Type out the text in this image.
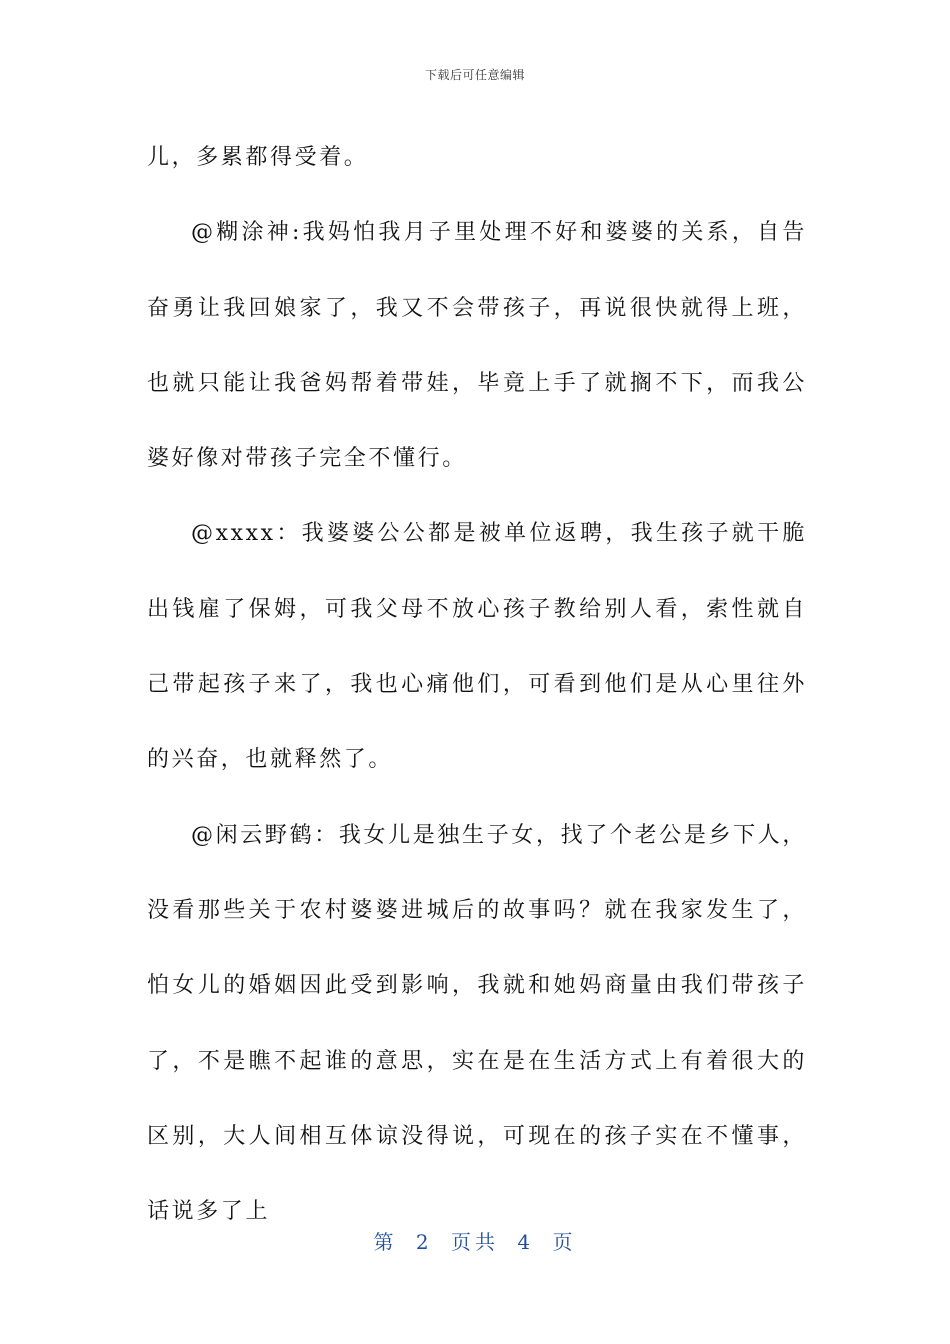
下载后可任意编辑

儿，多累都得受着。

@糊涂神:我妈怕我月子里处理不好和婆婆的关系，自告奋勇让我回娘家了，我又不会带孩子，再说很快就得上班，也就只能让我爸妈帮着带娃，毕竟上手了就搁不下，而我公婆好像对带孩子完全不懂行。

@xxxx：我婆婆公公都是被单位返聘，我生孩子就干脆出钱雇了保姆，可我父母不放心孩子教给别人看，索性就自己带起孩子来了，我也心痛他们，可看到他们是从心里往外的兴奋，也就释然了。

@闲云野鹤：我女儿是独生子女，找了个老公是乡下人，没看那些关于农村婆婆进城后的故事吗？就在我家发生了，怕女儿的婚姻因此受到影响，我就和她妈商量由我们带孩子了，不是瞧不起谁的意思，实在是在生活方式上有着很大的区别，大人间相互体谅没得说，可现在的孩子实在不懂事，话说多了上

第 2 页共 4 页
